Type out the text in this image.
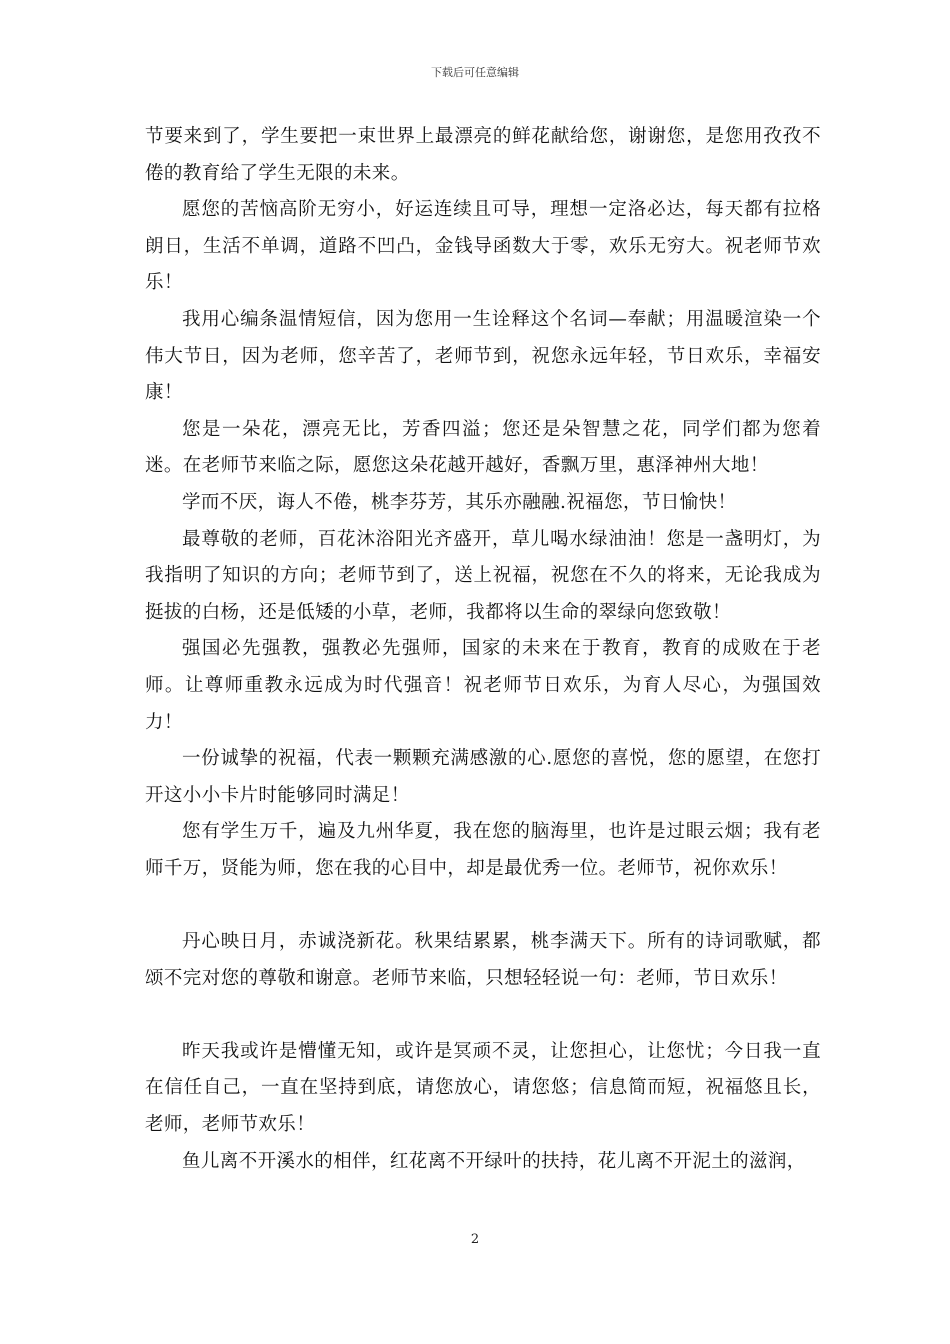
下载后可任意编辑

节要来到了，学生要把一束世界上最漂亮的鲜花献给您，谢谢您，是您用孜孜不倦的教育给了学生无限的未来。

愿您的苦恼高阶无穷小，好运连续且可导，理想一定洛必达，每天都有拉格朗日，生活不单调，道路不凹凸，金钱导函数大于零，欢乐无穷大。祝老师节欢乐！

我用心编条温情短信，因为您用一生诠释这个名词—奉献；用温暖渲染一个伟大节日，因为老师，您辛苦了，老师节到，祝您永远年轻，节日欢乐，幸福安康！

您是一朵花，漂亮无比，芳香四溢；您还是朵智慧之花，同学们都为您着迷。在老师节来临之际，愿您这朵花越开越好，香飘万里，惠泽神州大地！

学而不厌，诲人不倦，桃李芬芳，其乐亦融融.祝福您，节日愉快！

最尊敬的老师，百花沐浴阳光齐盛开，草儿喝水绿油油！您是一盏明灯，为我指明了知识的方向；老师节到了，送上祝福，祝您在不久的将来，无论我成为挺拔的白杨，还是低矮的小草，老师，我都将以生命的翠绿向您致敬！

强国必先强教，强教必先强师，国家的未来在于教育，教育的成败在于老师。让尊师重教永远成为时代强音！祝老师节日欢乐，为育人尽心，为强国效力！

一份诚挚的祝福，代表一颗颗充满感激的心.愿您的喜悦，您的愿望，在您打开这小小卡片时能够同时满足！

您有学生万千，遍及九州华夏，我在您的脑海里，也许是过眼云烟；我有老师千万，贤能为师，您在我的心目中，却是最优秀一位。老师节，祝你欢乐！

丹心映日月，赤诚浇新花。秋果结累累，桃李满天下。所有的诗词歌赋，都颂不完对您的尊敬和谢意。老师节来临，只想轻轻说一句：老师，节日欢乐！

昨天我或许是懵懂无知，或许是冥顽不灵，让您担心，让您忧；今日我一直在信任自己，一直在坚持到底，请您放心，请您悠；信息简而短，祝福悠且长，老师，老师节欢乐！

鱼儿离不开溪水的相伴，红花离不开绿叶的扶持，花儿离不开泥土的滋润，

2
